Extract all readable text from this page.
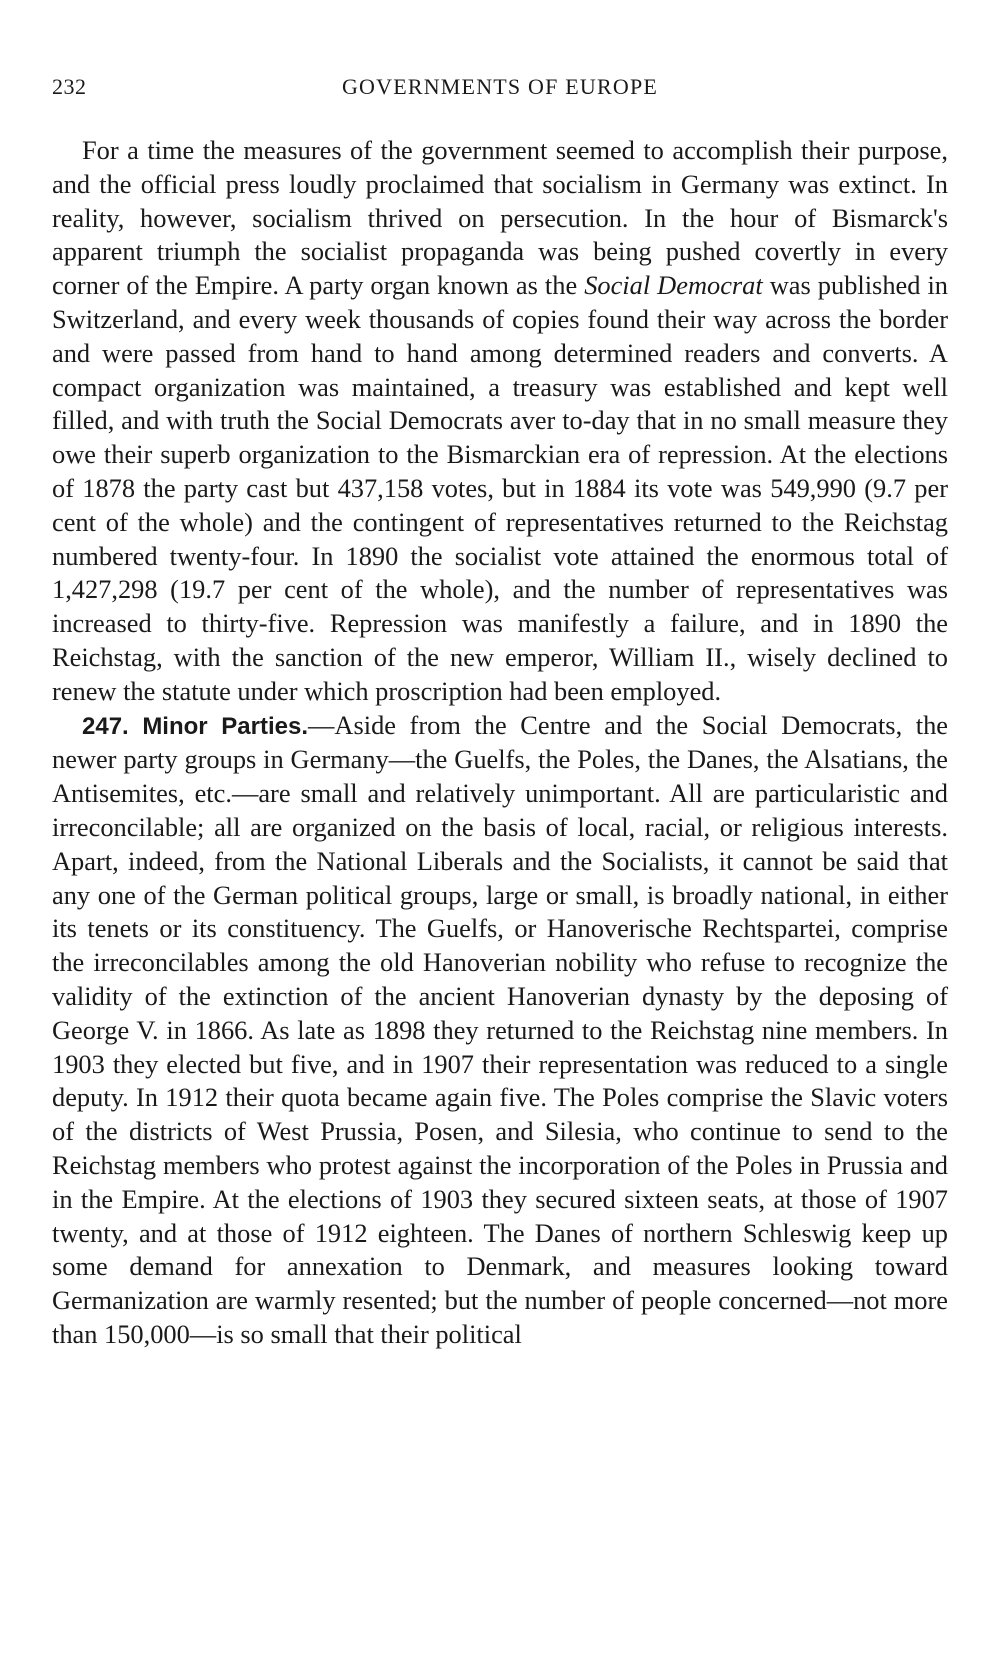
232	GOVERNMENTS OF EUROPE

For a time the measures of the government seemed to accomplish their purpose, and the official press loudly proclaimed that socialism in Germany was extinct. In reality, however, socialism thrived on persecution. In the hour of Bismarck's apparent triumph the socialist propaganda was being pushed covertly in every corner of the Empire. A party organ known as the Social Democrat was published in Switzerland, and every week thousands of copies found their way across the border and were passed from hand to hand among determined readers and converts. A compact organization was maintained, a treasury was established and kept well filled, and with truth the Social Democrats aver to-day that in no small measure they owe their superb organization to the Bismarckian era of repression. At the elections of 1878 the party cast but 437,158 votes, but in 1884 its vote was 549,990 (9.7 per cent of the whole) and the contingent of representatives returned to the Reichstag numbered twenty-four. In 1890 the socialist vote attained the enormous total of 1,427,298 (19.7 per cent of the whole), and the number of representatives was increased to thirty-five. Repression was manifestly a failure, and in 1890 the Reichstag, with the sanction of the new emperor, William II., wisely declined to renew the statute under which proscription had been employed.

247. Minor Parties.—Aside from the Centre and the Social Democrats, the newer party groups in Germany—the Guelfs, the Poles, the Danes, the Alsatians, the Antisemites, etc.—are small and relatively unimportant. All are particularistic and irreconcilable; all are organized on the basis of local, racial, or religious interests. Apart, indeed, from the National Liberals and the Socialists, it cannot be said that any one of the German political groups, large or small, is broadly national, in either its tenets or its constituency. The Guelfs, or Hanoverische Rechtspartei, comprise the irreconcilables among the old Hanoverian nobility who refuse to recognize the validity of the extinction of the ancient Hanoverian dynasty by the deposing of George V. in 1866. As late as 1898 they returned to the Reichstag nine members. In 1903 they elected but five, and in 1907 their representation was reduced to a single deputy. In 1912 their quota became again five. The Poles comprise the Slavic voters of the districts of West Prussia, Posen, and Silesia, who continue to send to the Reichstag members who protest against the incorporation of the Poles in Prussia and in the Empire. At the elections of 1903 they secured sixteen seats, at those of 1907 twenty, and at those of 1912 eighteen. The Danes of northern Schleswig keep up some demand for annexation to Denmark, and measures looking toward Germanization are warmly resented; but the number of people concerned—not more than 150,000—is so small that their political
